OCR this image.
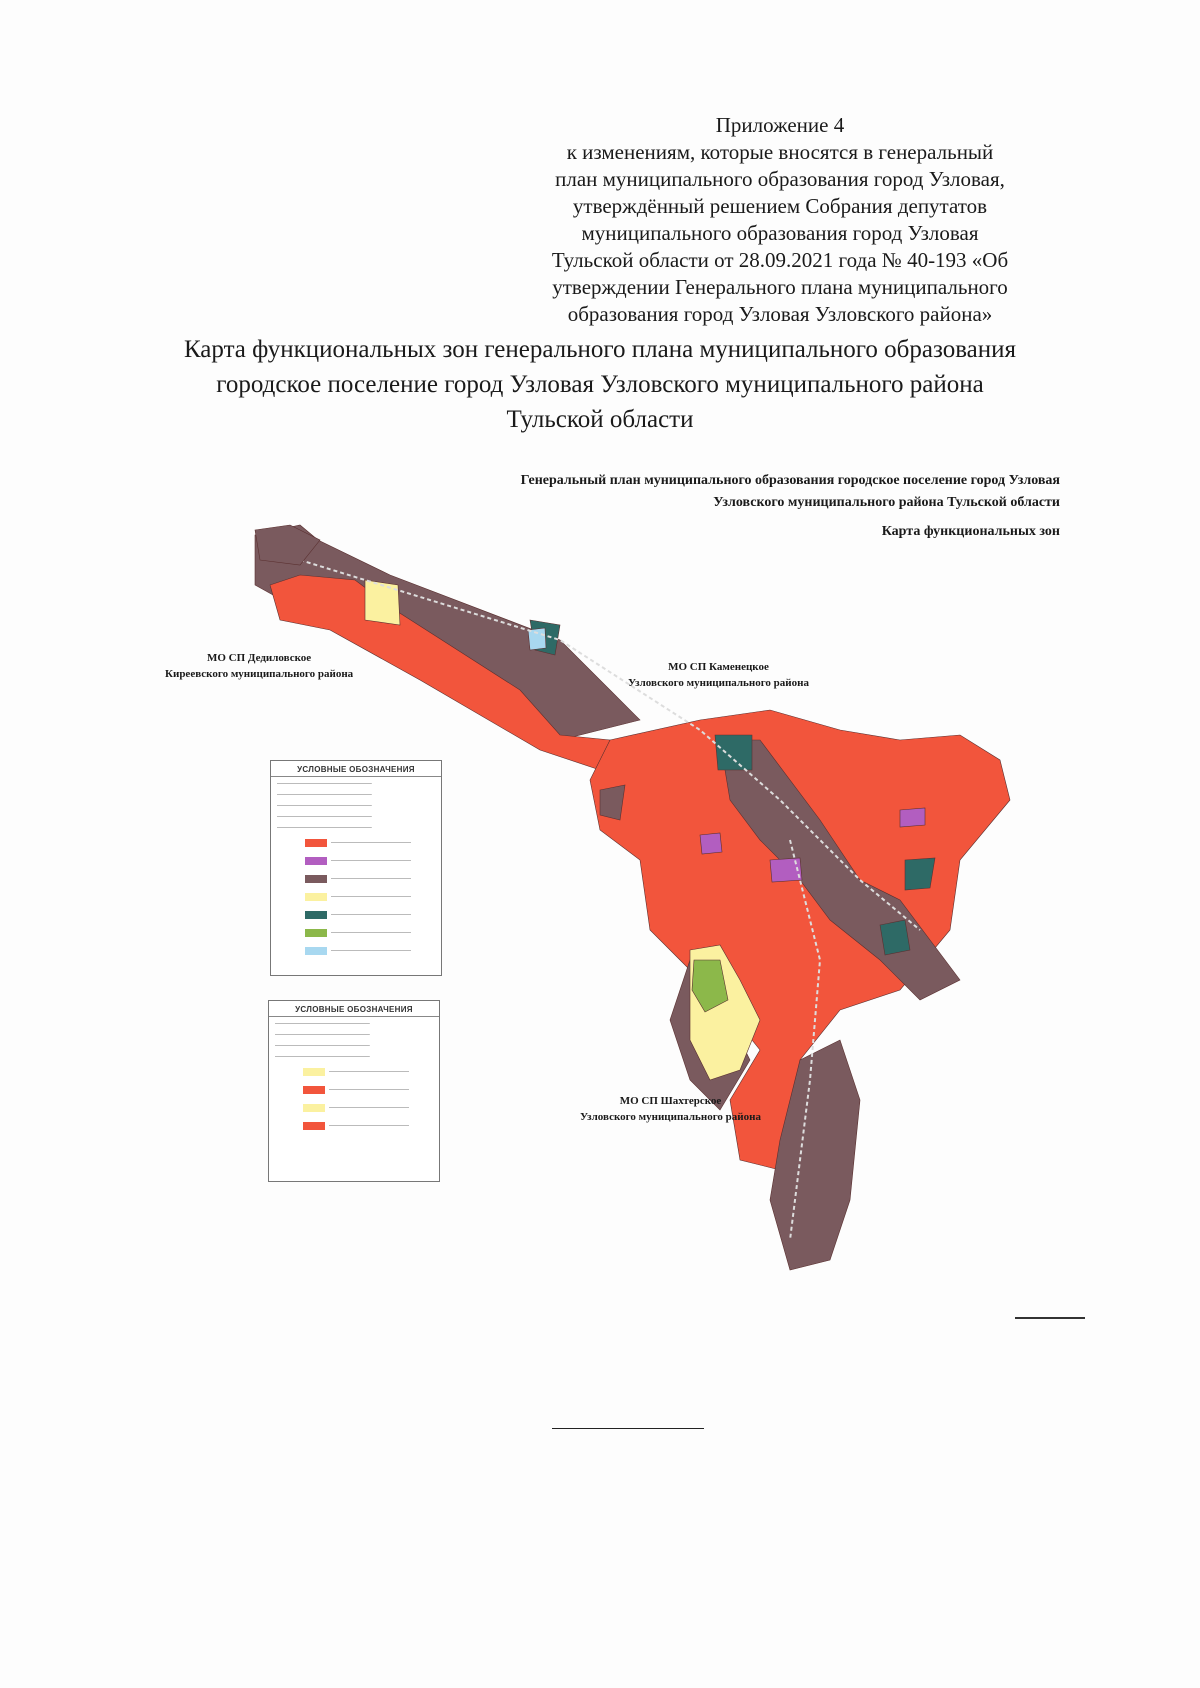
Приложение 4
к изменениям, которые вносятся в генеральный
план муниципального образования город Узловая,
утверждённый решением Собрания депутатов
муниципального образования город Узловая
Тульской области от 28.09.2021 года № 40-193 «Об
утверждении Генерального плана муниципального
образования город Узловая Узловского района»
Карта функциональных зон генерального плана муниципального образования
городское поселение город Узловая Узловского муниципального района
Тульской области
Генеральный план муниципального образования городское поселение город Узловая
Узловского муниципального района Тульской области
Карта функциональных зон
МО СП Дедиловское
Киреевского муниципального района
МО СП Каменецкое
Узловского муниципального района
МО СП Шахтерское
Узловского муниципального района
УСЛОВНЫЕ ОБОЗНАЧЕНИЯ
УСЛОВНЫЕ ОБОЗНАЧЕНИЯ
